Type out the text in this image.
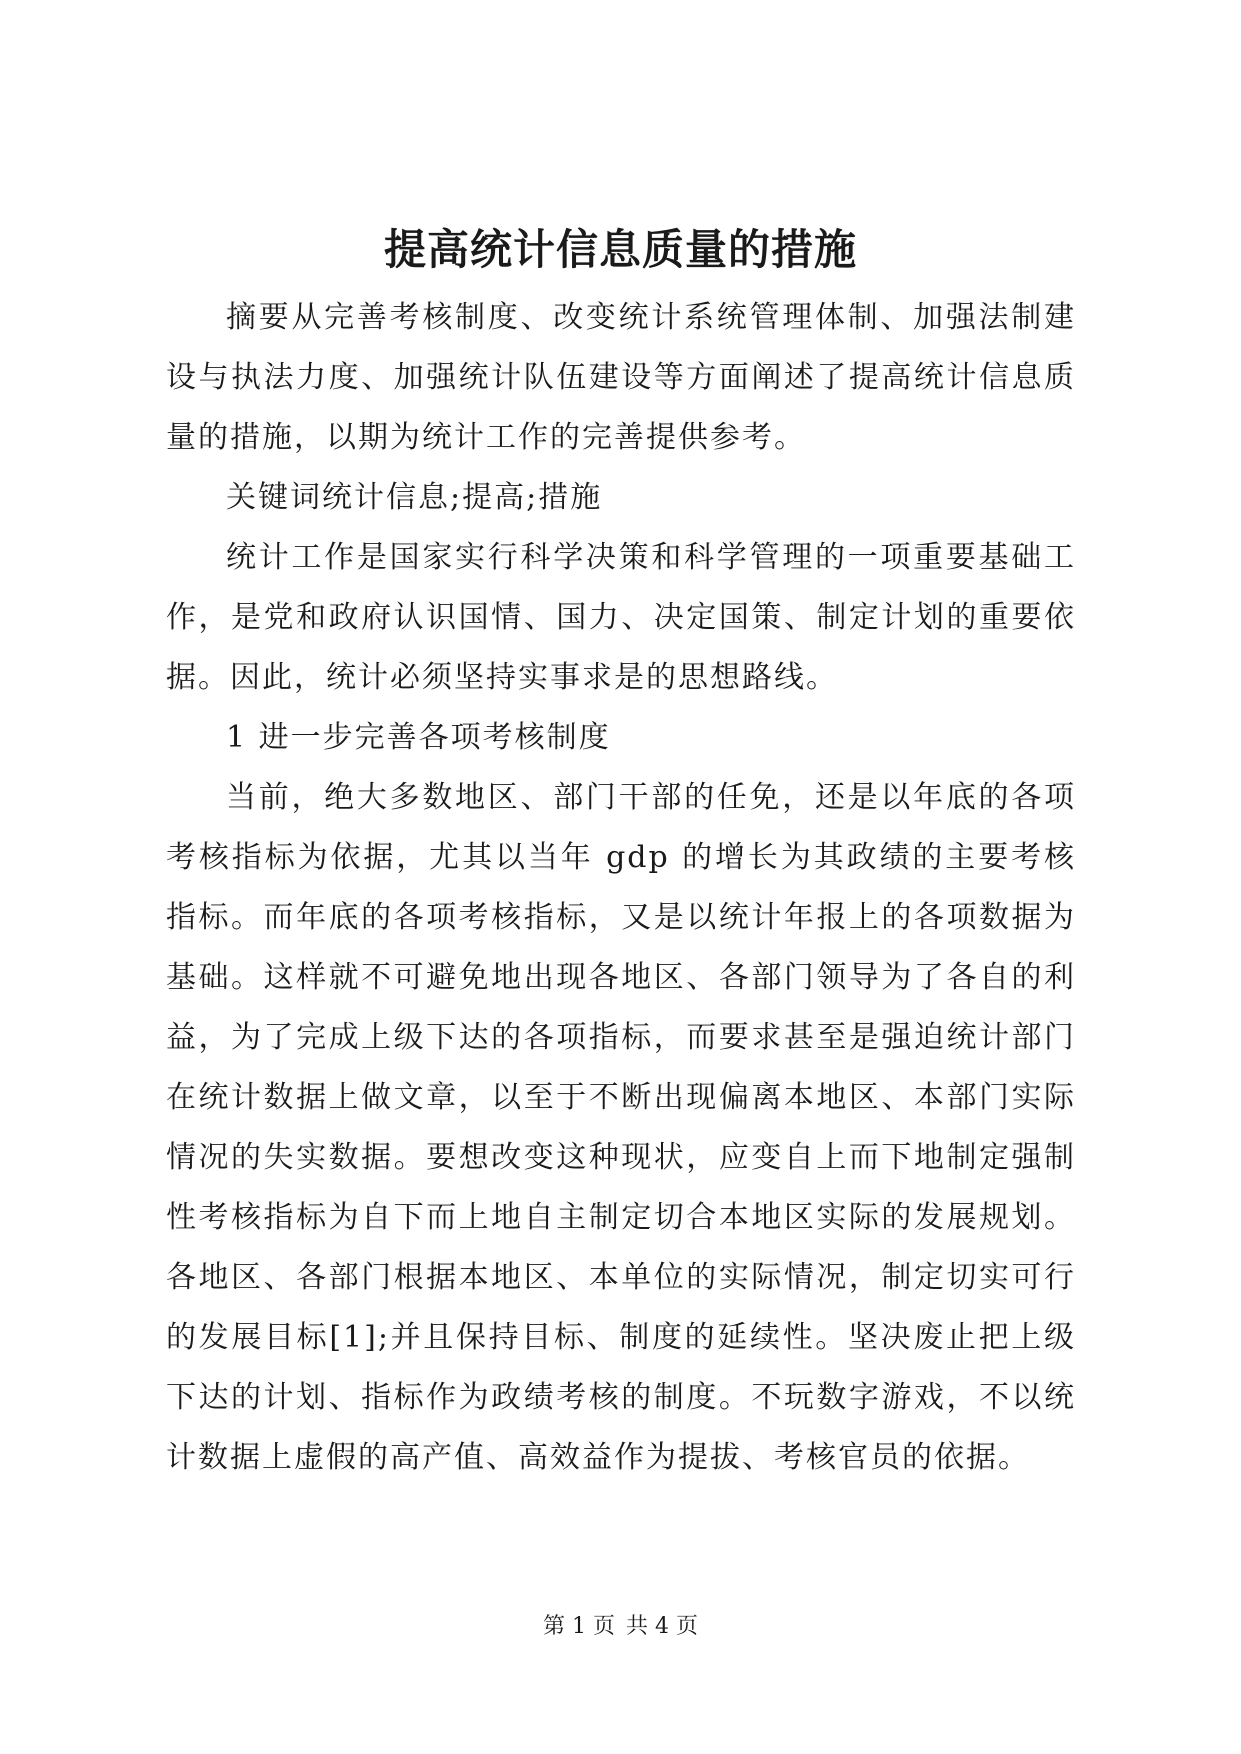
提高统计信息质量的措施

摘要从完善考核制度、改变统计系统管理体制、加强法制建设与执法力度、加强统计队伍建设等方面阐述了提高统计信息质量的措施，以期为统计工作的完善提供参考。

关键词统计信息;提高;措施

统计工作是国家实行科学决策和科学管理的一项重要基础工作，是党和政府认识国情、国力、决定国策、制定计划的重要依据。因此，统计必须坚持实事求是的思想路线。

1 进一步完善各项考核制度

当前，绝大多数地区、部门干部的任免，还是以年底的各项考核指标为依据，尤其以当年 gdp 的增长为其政绩的主要考核指标。而年底的各项考核指标，又是以统计年报上的各项数据为基础。这样就不可避免地出现各地区、各部门领导为了各自的利益，为了完成上级下达的各项指标，而要求甚至是强迫统计部门在统计数据上做文章，以至于不断出现偏离本地区、本部门实际情况的失实数据。要想改变这种现状，应变自上而下地制定强制性考核指标为自下而上地自主制定切合本地区实际的发展规划。各地区、各部门根据本地区、本单位的实际情况，制定切实可行的发展目标[1];并且保持目标、制度的延续性。坚决废止把上级下达的计划、指标作为政绩考核的制度。不玩数字游戏，不以统计数据上虚假的高产值、高效益作为提拔、考核官员的依据。

第 1 页 共 4 页
